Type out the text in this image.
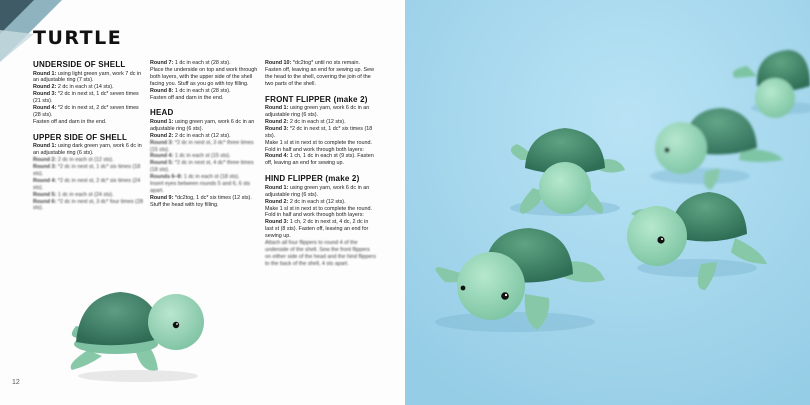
TURTLE
UNDERSIDE OF SHELL
Round 1: using light green yarn, work 7 dc in an adjustable ring (7 sts).
Round 2: 2 dc in each st (14 sts).
Round 3: *2 dc in next st, 1 dc* seven times (21 sts).
Round 4: *2 dc in next st, 2 dc* seven times (28 sts).
Fasten off and darn in the end.
UPPER SIDE OF SHELL
Round 1: using dark green yarn, work 6 dc in an adjustable ring (6 sts).
Round 2: 2 dc in each st (12 sts).
Round 3: *2 dc in next st, 1 dc* six times (18 sts).
Round 4: *2 dc in next st, 2 dc* six times (24 sts).
Round 5: 1 dc in each st (24 sts).
Round 6: *2 dc in next st, 3 dc* four times (28 sts).
Round 7: 1 dc in each st (28 sts).
Place the underside on top and work through both layers, with the upper side of the shell facing you. Stuff as you go with toy filling.
Round 8: 1 dc in each st (28 sts).
Fasten off and darn in the end.
HEAD
Round 1: using green yarn, work 6 dc in an adjustable ring (6 sts).
Round 2: 2 dc in each st (12 sts).
Round 3: *2 dc in next st, 3 dc* three times (15 sts).
Round 4: 1 dc in each st (15 sts).
Round 5: *2 dc in next st, 4 dc* three times (18 sts).
Rounds 6–8: 1 dc in each st (18 sts).
Insert eyes between rounds 5 and 6, 6 sts apart.
Round 9: *dc2tog, 1 dc* six times (12 sts).
Stuff the head with toy filling.
Round 10: *dc2tog* until no sts remain. Fasten off, leaving an end for sewing up. Sew the head to the shell, covering the join of the two parts of the shell.
FRONT FLIPPER (make 2)
Round 1: using green yarn, work 6 dc in an adjustable ring (6 sts).
Round 2: 2 dc in each st (12 sts).
Round 3: *2 dc in next st, 1 dc* six times (18 sts).
Make 1 sl st in next st to complete the round. Fold in half and work through both layers:
Round 4: 1 ch, 1 dc in each st (9 sts). Fasten off, leaving an end for sewing up.
HIND FLIPPER (make 2)
Round 1: using green yarn, work 6 dc in an adjustable ring (6 sts).
Round 2: 2 dc in each st (12 sts).
Make 1 sl st in next st to complete the round. Fold in half and work through both layers:
Round 3: 1 ch, 2 dc in next st, 4 dc, 2 dc in last st (8 sts). Fasten off, leaving an end for sewing up.
Attach all four flippers to round 4 of the underside of the shell. Sew the front flippers on either side of the head and the hind flippers to the back of the shell, 4 sts apart.
12
